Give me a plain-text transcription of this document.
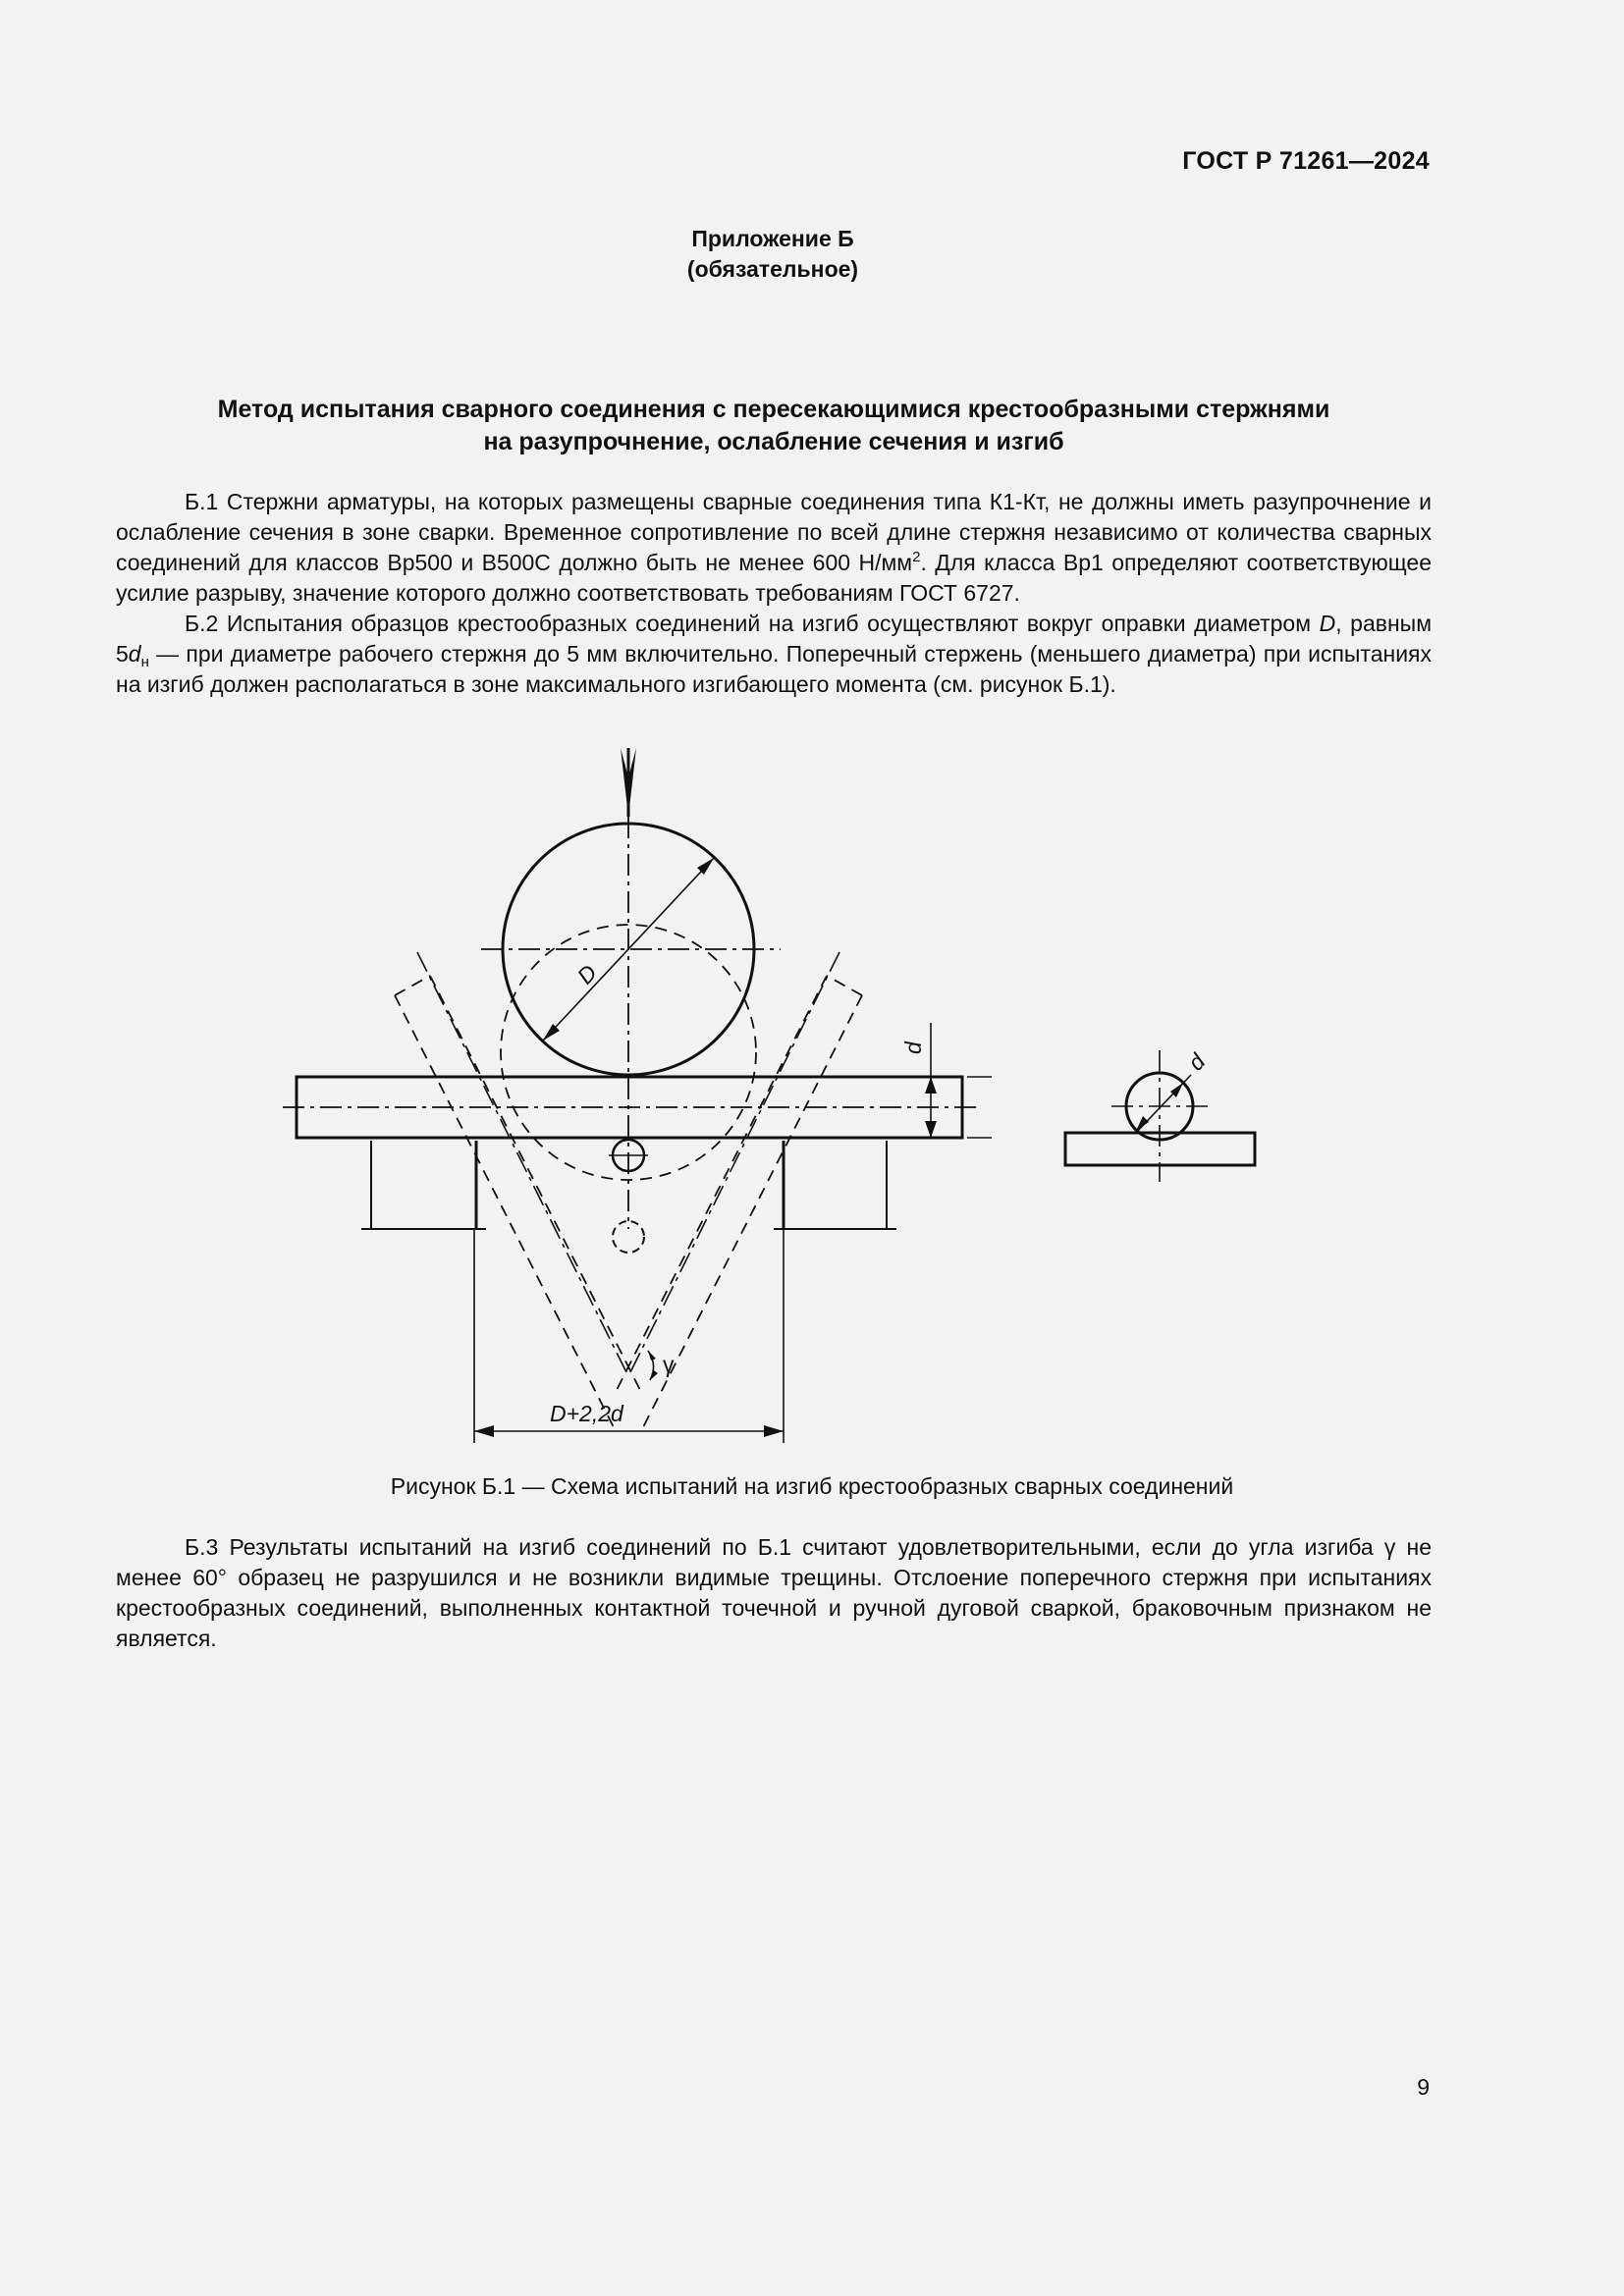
ГОСТ Р 71261—2024
Приложение Б
(обязательное)
Метод испытания сварного соединения с пересекающимися крестообразными стержнями
на разупрочнение, ослабление сечения и изгиб

Б.1 Стержни арматуры, на которых размещены сварные соединения типа К1-Кт, не должны иметь разупрочнение и ослабление сечения в зоне сварки. Временное сопротивление по всей длине стержня независимо от количества сварных соединений для классов Вр500 и В500С должно быть не менее 600 $Н/мм^2$. Для класса Вр1 определяют соответствующее усилие разрыву, значение которого должно соответствовать требованиям ГОСТ 6727.

Б.2 Испытания образцов крестообразных соединений на изгиб осуществляют вокруг оправки диаметром D, равным $5d_н$ — при диаметре рабочего стержня до 5 мм включительно. Поперечный стержень (меньшего диаметра) при испытаниях на изгиб должен располагаться в зоне максимального изгибающего момента (см. рисунок Б.1).

D
D+2,2d
γ
d
d
Рисунок Б.1 — Схема испытаний на изгиб крестообразных сварных соединений

Б.3 Результаты испытаний на изгиб соединений по Б.1 считают удовлетворительными, если до угла изгиба γ не менее 60° образец не разрушился и не возникли видимые трещины. Отслоение поперечного стержня при испытаниях крестообразных соединений, выполненных контактной точечной и ручной дуговой сваркой, браковочным признаком не является.

9
